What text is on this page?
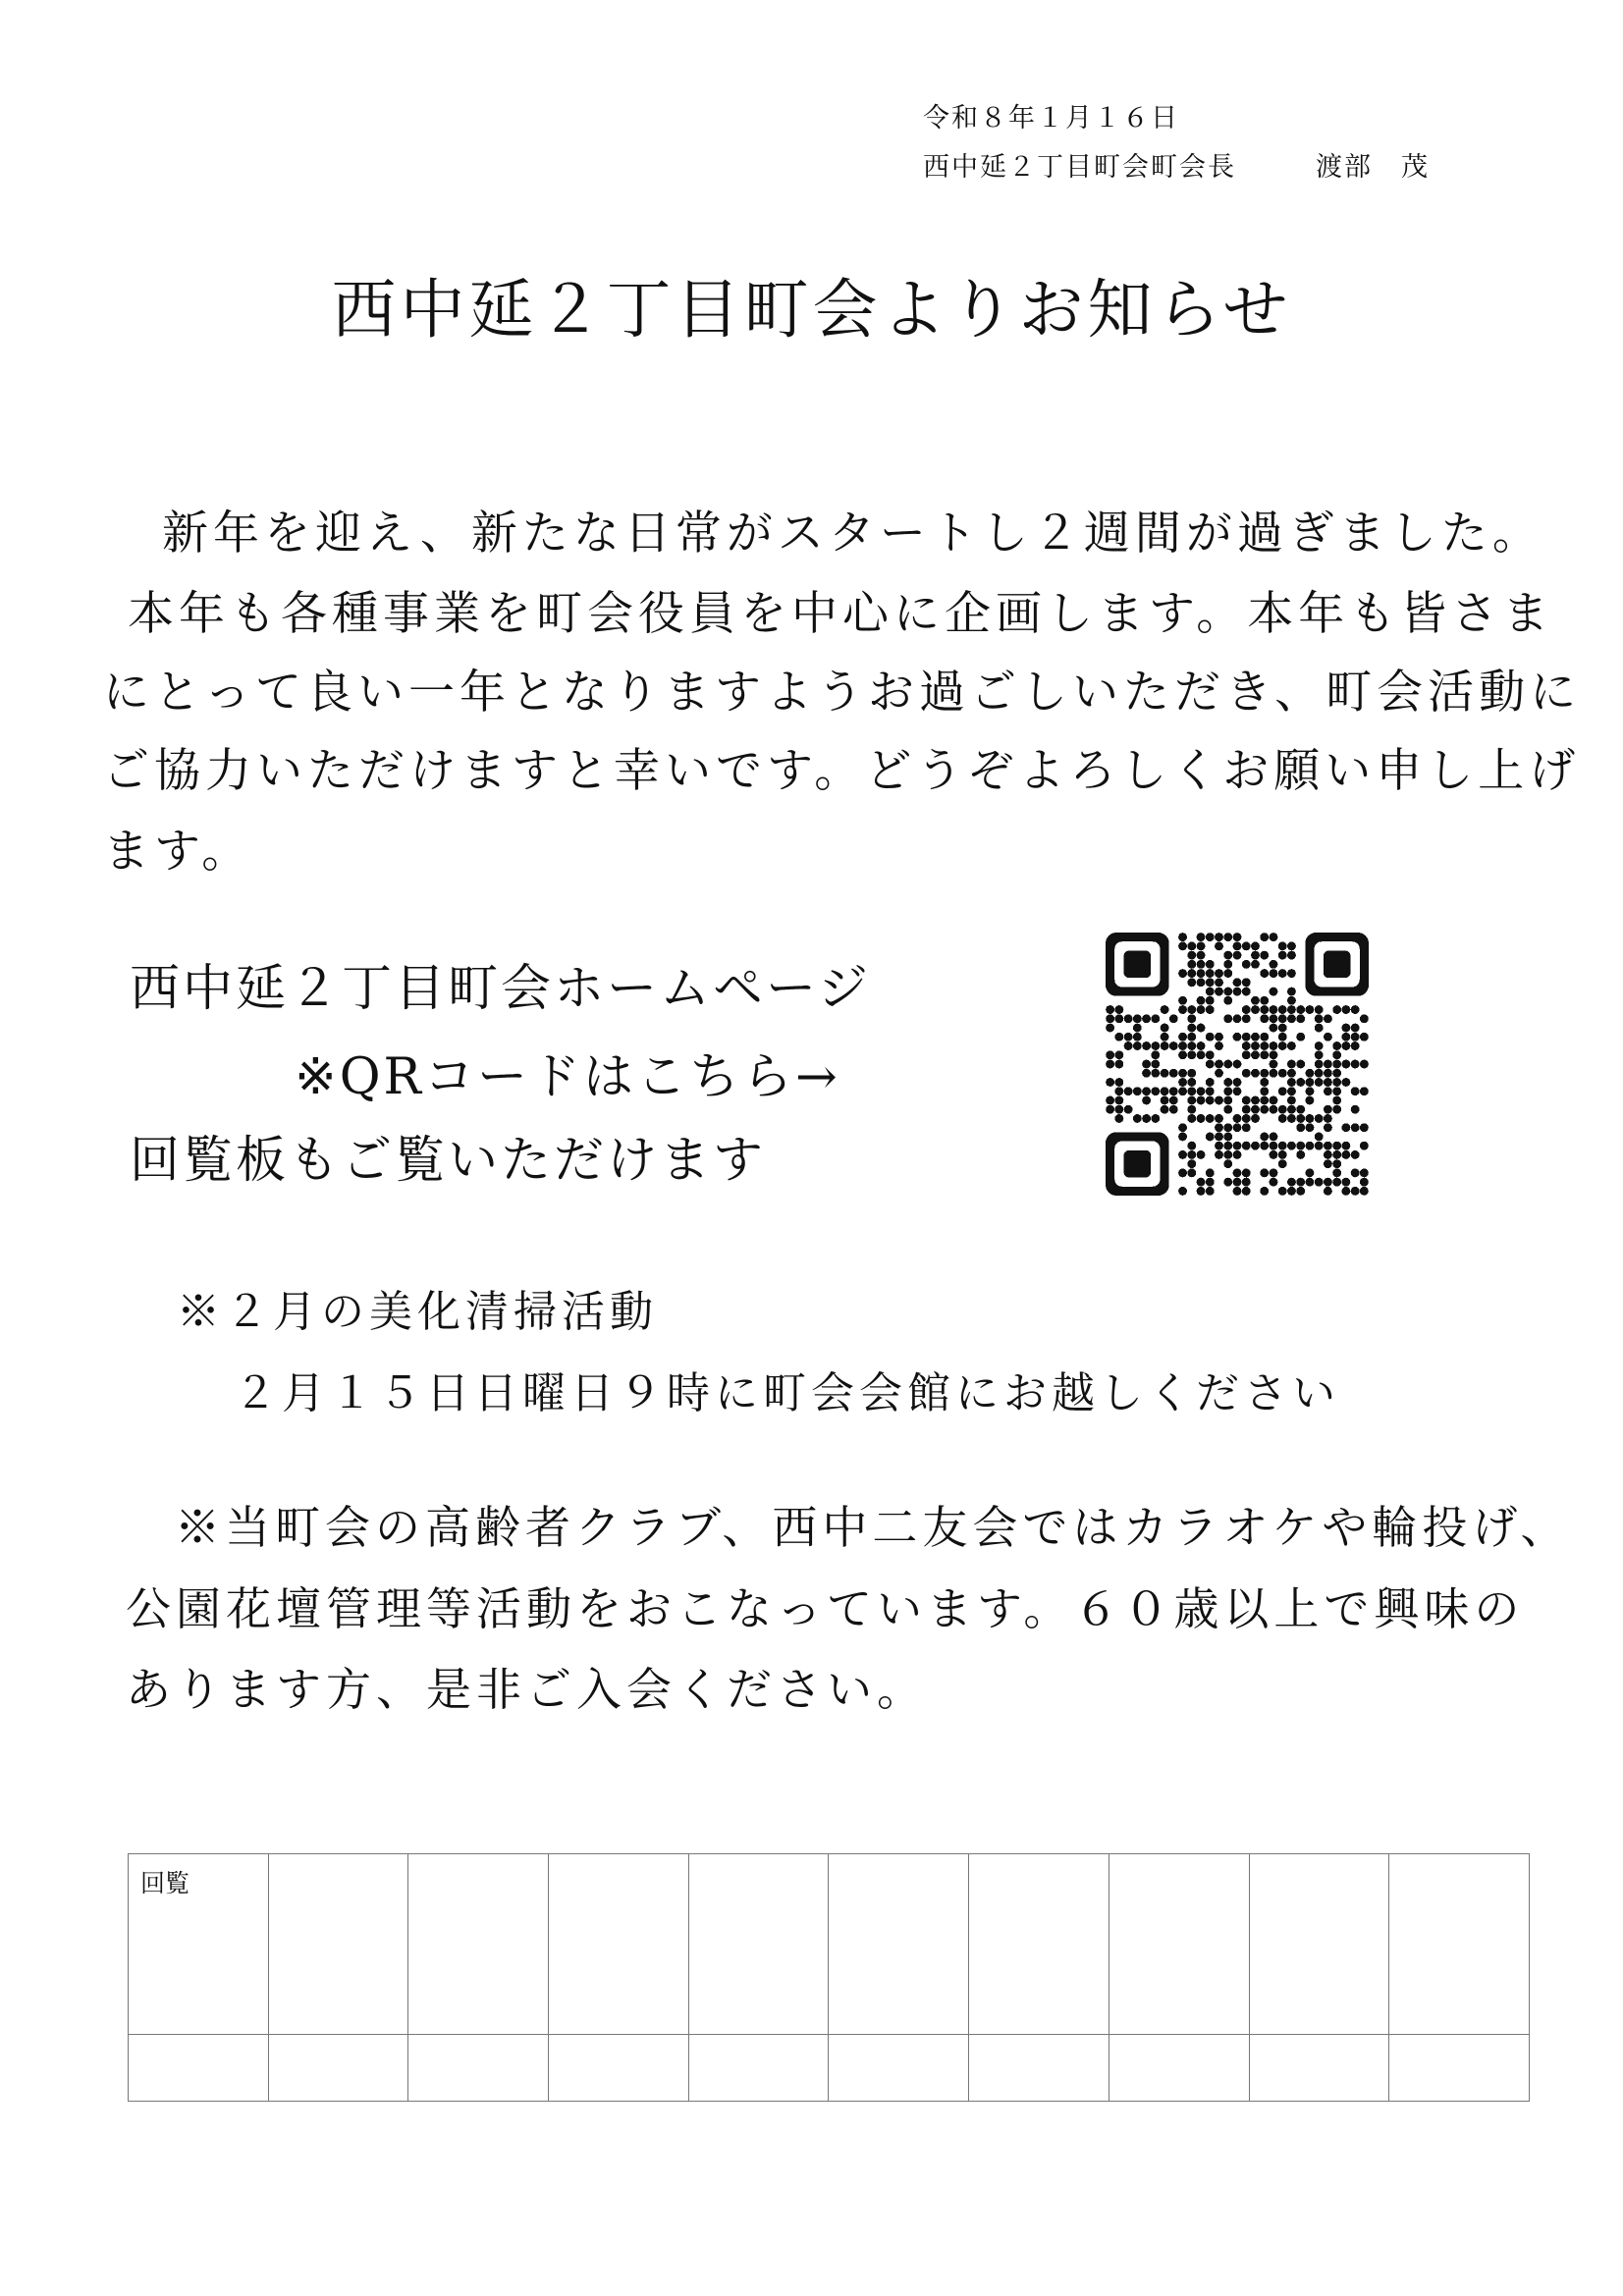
令和８年１月１６日
西中延２丁目町会町会長	渡部　茂
西中延２丁目町会よりお知らせ
新年を迎え、新たな日常がスタートし２週間が過ぎました。
本年も各種事業を町会役員を中心に企画します。本年も皆さま
にとって良い一年となりますようお過ごしいただき、町会活動に
ご協力いただけますと幸いです。どうぞよろしくお願い申し上げ
ます。
西中延２丁目町会ホームページ
※QRコードはこちら→
回覧板もご覧いただけます
※２月の美化清掃活動
２月１５日日曜日９時に町会会館にお越しください
※当町会の高齢者クラブ、西中二友会ではカラオケや輪投げ、
公園花壇管理等活動をおこなっています。６０歳以上で興味の
あります方、是非ご入会ください。
回覧									
